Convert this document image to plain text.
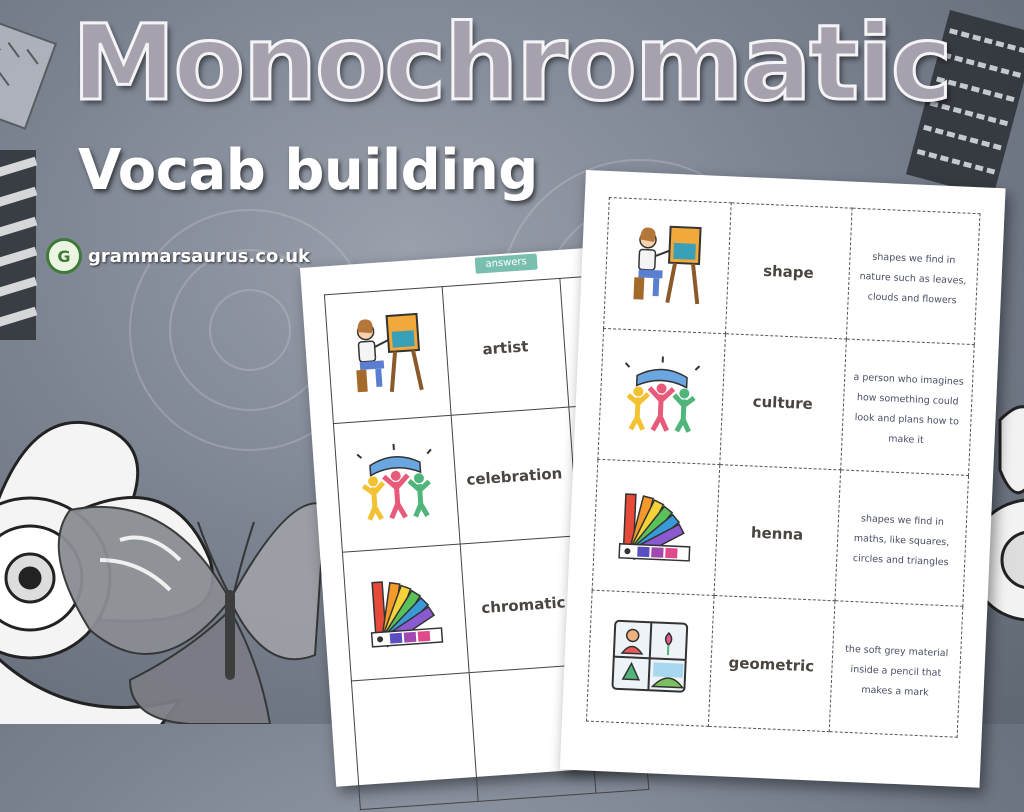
Monochromatic
Vocab building
G grammarsaurus.co.uk	answers
	artist	
	celebration	
	chromatic	

	shape	shapes we find in nature such as leaves, clouds and flowers
	culture	a person who imagines how something could look and plans how to make it
	henna	shapes we find in maths, like squares, circles and triangles
	geometric	the soft grey material inside a pencil that makes a mark
